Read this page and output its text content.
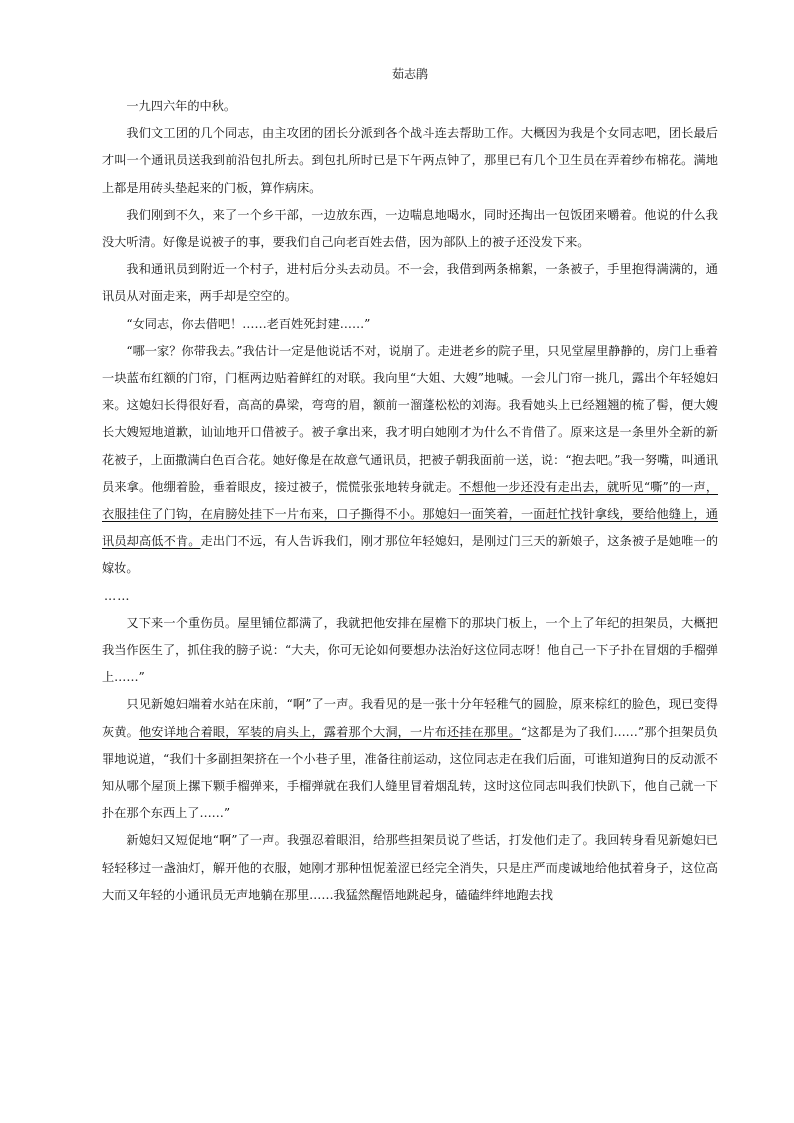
茹志鹃

一九四六年的中秋。

我们文工团的几个同志，由主攻团的团长分派到各个战斗连去帮助工作。大概因为我是个女同志吧，团长最后才叫一个通讯员送我到前沿包扎所去。到包扎所时已是下午两点钟了，那里已有几个卫生员在弄着纱布棉花。满地上都是用砖头垫起来的门板，算作病床。

我们刚到不久，来了一个乡干部，一边放东西，一边喘息地喝水，同时还掏出一包饭团来嚼着。他说的什么我没大听清。好像是说被子的事，要我们自己向老百姓去借，因为部队上的被子还没发下来。

我和通讯员到附近一个村子，进村后分头去动员。不一会，我借到两条棉絮，一条被子，手里抱得满满的，通讯员从对面走来，两手却是空空的。

“女同志，你去借吧！……老百姓死封建……”

“哪一家？你带我去。”我估计一定是他说话不对，说崩了。走进老乡的院子里，只见堂屋里静静的，房门上垂着一块蓝布红额的门帘，门框两边贴着鲜红的对联。我向里“大姐、大嫂”地喊。一会儿门帘一挑几，露出个年轻媳妇来。这媳妇长得很好看，高高的鼻梁，弯弯的眉，额前一溜蓬松松的刘海。我看她头上已经翘翘的梳了髻，便大嫂长大嫂短地道歉，讪讪地开口借被子。被子拿出来，我才明白她刚才为什么不肯借了。原来这是一条里外全新的新花被子，上面撒满白色百合花。她好像是在故意气通讯员，把被子朝我面前一送，说：“抱去吧。”我一努嘴，叫通讯员来拿。他绷着脸，垂着眼皮，接过被子，慌慌张张地转身就走。不想他一步还没有走出去，就听见“嘶”的一声，衣服挂住了门钩，在肩膀处挂下一片布来，口子撕得不小。那媳妇一面笑着，一面赶忙找针拿线，要给他缝上，通讯员却高低不肯。走出门不远，有人告诉我们，刚才那位年轻媳妇，是刚过门三天的新娘子，这条被子是她唯一的嫁妆。

……

又下来一个重伤员。屋里铺位都满了，我就把他安排在屋檐下的那块门板上，一个上了年纪的担架员，大概把我当作医生了，抓住我的膀子说：“大夫，你可无论如何要想办法治好这位同志呀！他自己一下子扑在冒烟的手榴弹上……”

只见新媳妇端着水站在床前，“啊”了一声。我看见的是一张十分年轻稚气的圆脸，原来棕红的脸色，现已变得灰黄。他安详地合着眼，军装的肩头上，露着那个大洞，一片布还挂在那里。“这都是为了我们……”那个担架员负罪地说道，“我们十多副担架挤在一个小巷子里，准备往前运动，这位同志走在我们后面，可谁知道狗日的反动派不知从哪个屋顶上摞下颗手榴弹来，手榴弹就在我们人缝里冒着烟乱转，这时这位同志叫我们快趴下，他自己就一下扑在那个东西上了……”

新媳妇又短促地“啊”了一声。我强忍着眼泪，给那些担架员说了些话，打发他们走了。我回转身看见新媳妇已轻轻移过一盏油灯，解开他的衣服，她刚才那种忸怩羞涩已经完全消失，只是庄严而虔诚地给他拭着身子，这位高大而又年轻的小通讯员无声地躺在那里……我猛然醒悟地跳起身，磕磕绊绊地跑去找
